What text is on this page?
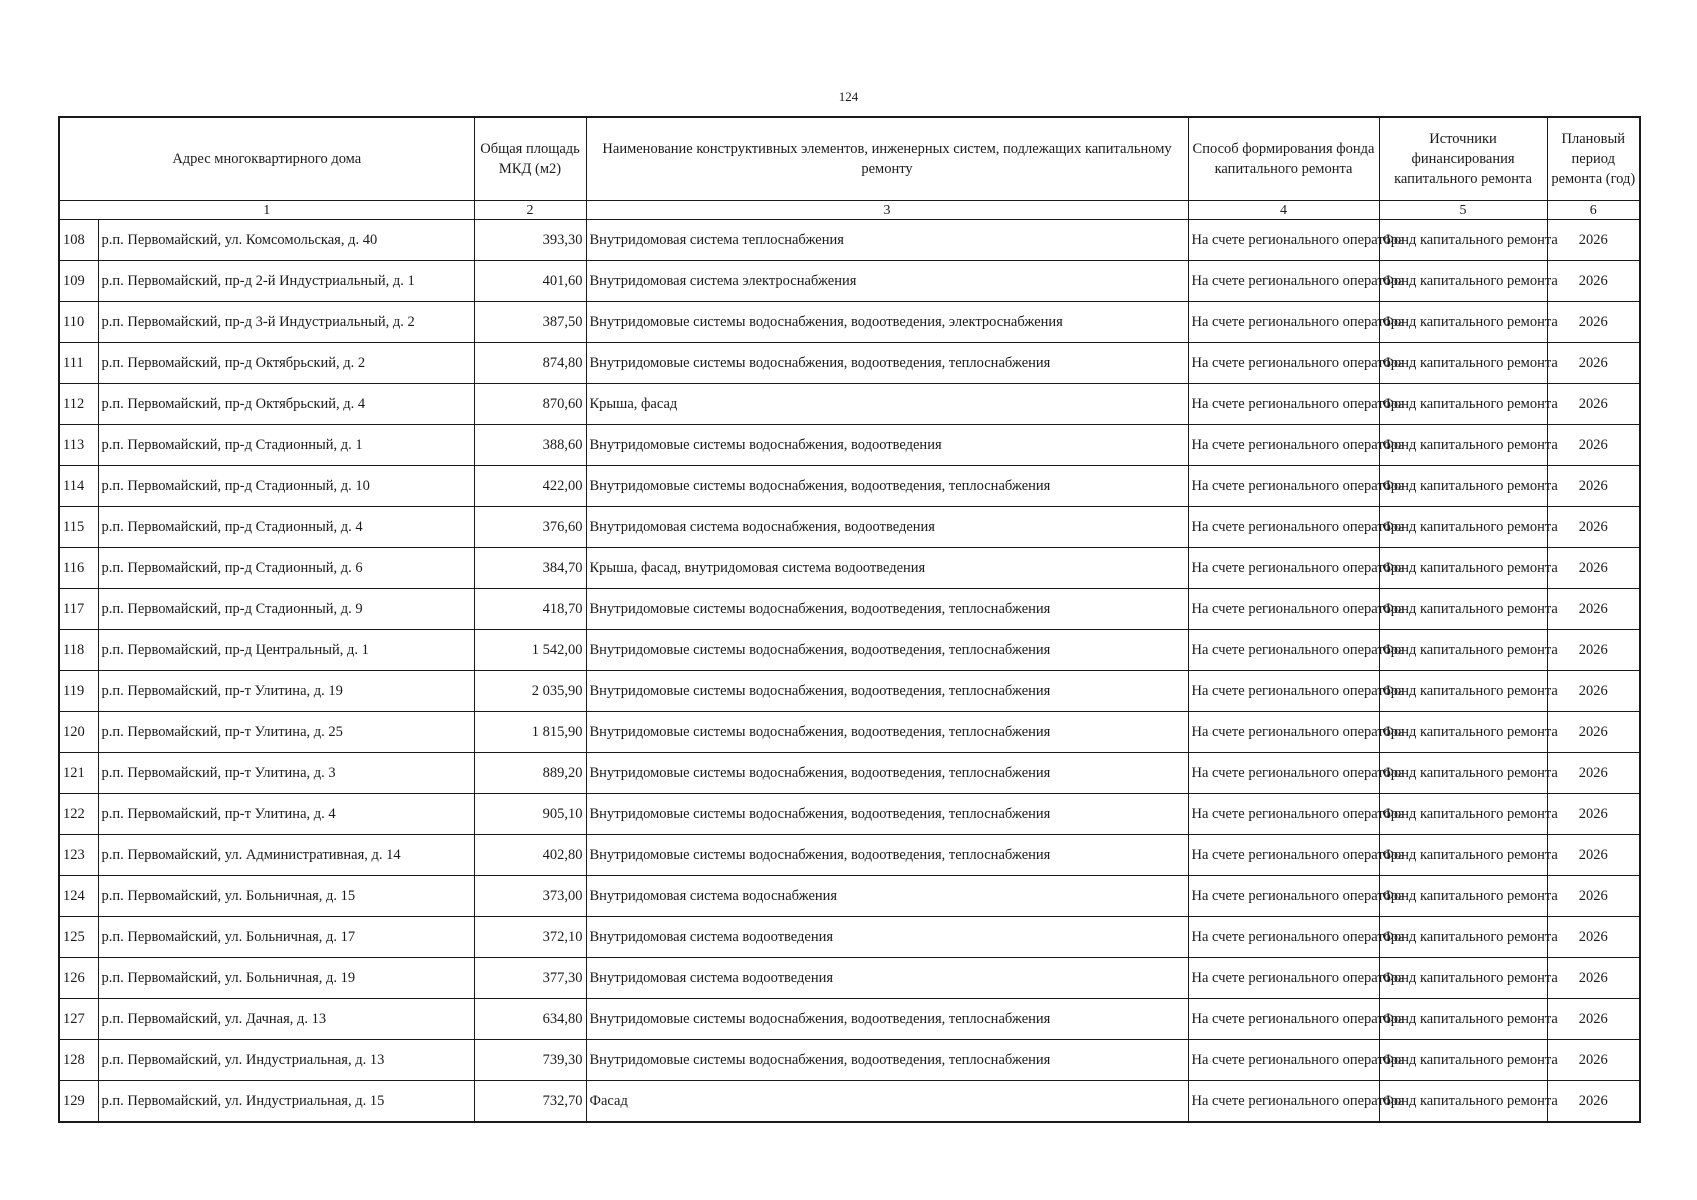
124
Адрес многоквартирного дома		Общая площадь МКД (м2)	Наименование конструктивных элементов, инженерных систем, подлежащих капитальному ремонту	Способ формирования фонда капитального ремонта	Источники финансирования капитального ремонта	Плановый период ремонта (год)
1		2	3	4	5	6
108	р.п. Первомайский, ул. Комсомольская, д. 40	393,30	Внутридомовая система теплоснабжения	На счете регионального оператора	Фонд капитального ремонта	2026
109	р.п. Первомайский, пр-д 2-й Индустриальный, д. 1	401,60	Внутридомовая система электроснабжения	На счете регионального оператора	Фонд капитального ремонта	2026
110	р.п. Первомайский, пр-д 3-й Индустриальный, д. 2	387,50	Внутридомовые системы водоснабжения, водоотведения, электроснабжения	На счете регионального оператора	Фонд капитального ремонта	2026
111	р.п. Первомайский, пр-д Октябрьский, д. 2	874,80	Внутридомовые системы водоснабжения, водоотведения, теплоснабжения	На счете регионального оператора	Фонд капитального ремонта	2026
112	р.п. Первомайский, пр-д Октябрьский, д. 4	870,60	Крыша, фасад	На счете регионального оператора	Фонд капитального ремонта	2026
113	р.п. Первомайский, пр-д Стадионный, д. 1	388,60	Внутридомовые системы водоснабжения, водоотведения	На счете регионального оператора	Фонд капитального ремонта	2026
114	р.п. Первомайский, пр-д Стадионный, д. 10	422,00	Внутридомовые системы водоснабжения, водоотведения, теплоснабжения	На счете регионального оператора	Фонд капитального ремонта	2026
115	р.п. Первомайский, пр-д Стадионный, д. 4	376,60	Внутридомовая система водоснабжения, водоотведения	На счете регионального оператора	Фонд капитального ремонта	2026
116	р.п. Первомайский, пр-д Стадионный, д. 6	384,70	Крыша, фасад, внутридомовая система водоотведения	На счете регионального оператора	Фонд капитального ремонта	2026
117	р.п. Первомайский, пр-д Стадионный, д. 9	418,70	Внутридомовые системы водоснабжения, водоотведения, теплоснабжения	На счете регионального оператора	Фонд капитального ремонта	2026
118	р.п. Первомайский, пр-д Центральный, д. 1	1 542,00	Внутридомовые системы водоснабжения, водоотведения, теплоснабжения	На счете регионального оператора	Фонд капитального ремонта	2026
119	р.п. Первомайский, пр-т Улитина, д. 19	2 035,90	Внутридомовые системы водоснабжения, водоотведения, теплоснабжения	На счете регионального оператора	Фонд капитального ремонта	2026
120	р.п. Первомайский, пр-т Улитина, д. 25	1 815,90	Внутридомовые системы водоснабжения, водоотведения, теплоснабжения	На счете регионального оператора	Фонд капитального ремонта	2026
121	р.п. Первомайский, пр-т Улитина, д. 3	889,20	Внутридомовые системы водоснабжения, водоотведения, теплоснабжения	На счете регионального оператора	Фонд капитального ремонта	2026
122	р.п. Первомайский, пр-т Улитина, д. 4	905,10	Внутридомовые системы водоснабжения, водоотведения, теплоснабжения	На счете регионального оператора	Фонд капитального ремонта	2026
123	р.п. Первомайский, ул. Административная, д. 14	402,80	Внутридомовые системы водоснабжения, водоотведения, теплоснабжения	На счете регионального оператора	Фонд капитального ремонта	2026
124	р.п. Первомайский, ул. Больничная, д. 15	373,00	Внутридомовая система водоснабжения	На счете регионального оператора	Фонд капитального ремонта	2026
125	р.п. Первомайский, ул. Больничная, д. 17	372,10	Внутридомовая система водоотведения	На счете регионального оператора	Фонд капитального ремонта	2026
126	р.п. Первомайский, ул. Больничная, д. 19	377,30	Внутридомовая система водоотведения	На счете регионального оператора	Фонд капитального ремонта	2026
127	р.п. Первомайский, ул. Дачная, д. 13	634,80	Внутридомовые системы водоснабжения, водоотведения, теплоснабжения	На счете регионального оператора	Фонд капитального ремонта	2026
128	р.п. Первомайский, ул. Индустриальная, д. 13	739,30	Внутридомовые системы водоснабжения, водоотведения, теплоснабжения	На счете регионального оператора	Фонд капитального ремонта	2026
129	р.п. Первомайский, ул. Индустриальная, д. 15	732,70	Фасад	На счете регионального оператора	Фонд капитального ремонта	2026
